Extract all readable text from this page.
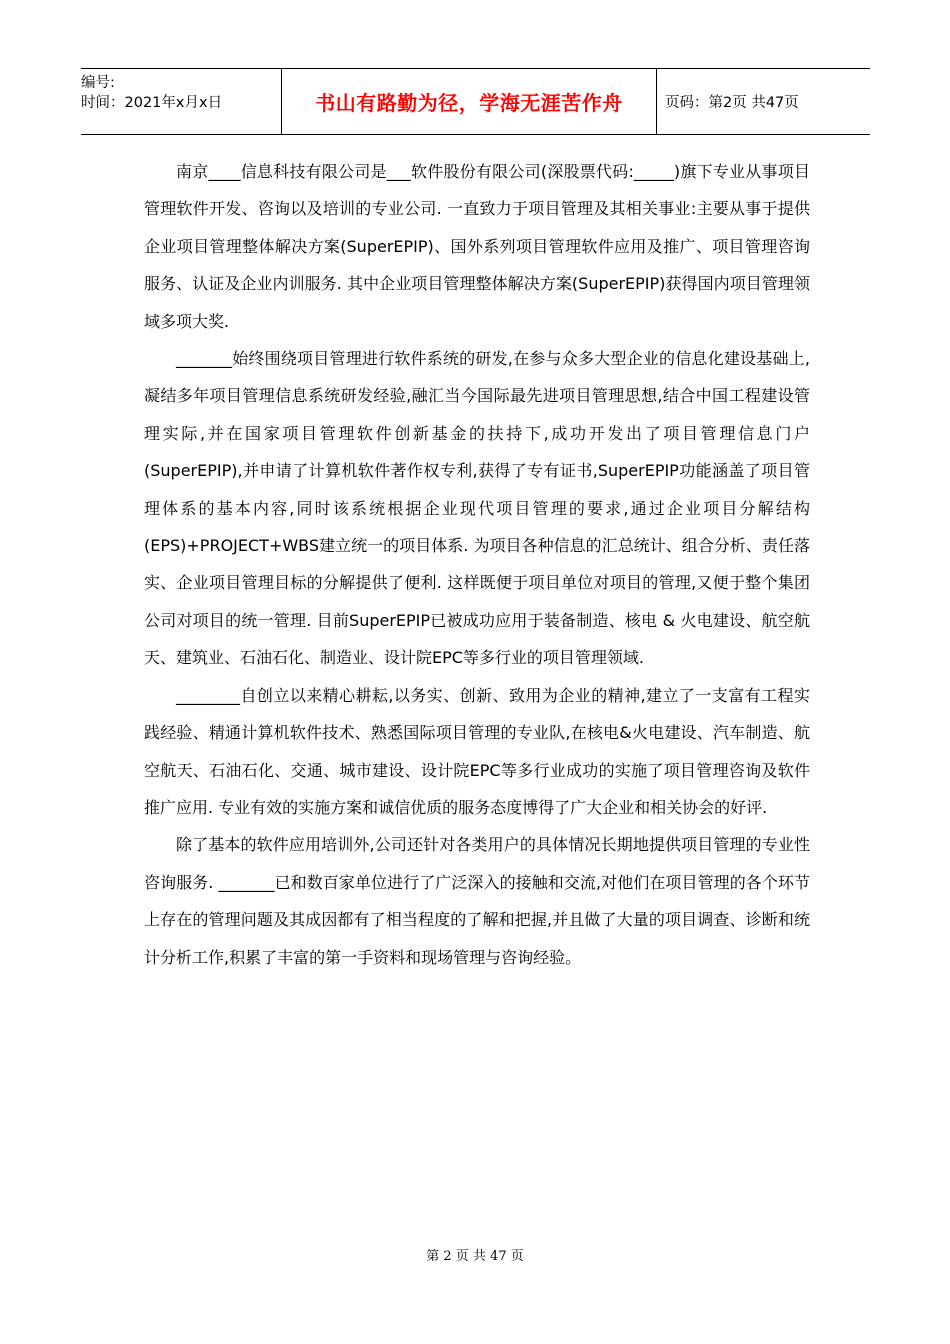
编号:
时间：2021年x月x日	书山有路勤为径，学海无涯苦作舟	页码：第2页 共47页

南京____信息科技有限公司是___软件股份有限公司(深股票代码:_____)旗下专业从事项目管理软件开发、咨询以及培训的专业公司. 一直致力于项目管理及其相关事业:主要从事于提供企业项目管理整体解决方案(SuperEPIP)、国外系列项目管理软件应用及推广、项目管理咨询服务、认证及企业内训服务. 其中企业项目管理整体解决方案(SuperEPIP)获得国内项目管理领域多项大奖.

_______始终围绕项目管理进行软件系统的研发,在参与众多大型企业的信息化建设基础上,凝结多年项目管理信息系统研发经验,融汇当今国际最先进项目管理思想,结合中国工程建设管理实际,并在国家项目管理软件创新基金的扶持下,成功开发出了项目管理信息门户(SuperEPIP),并申请了计算机软件著作权专利,获得了专有证书,SuperEPIP功能涵盖了项目管理体系的基本内容,同时该系统根据企业现代项目管理的要求,通过企业项目分解结构(EPS)+PROJECT+WBS建立统一的项目体系. 为项目各种信息的汇总统计、组合分析、责任落实、企业项目管理目标的分解提供了便利. 这样既便于项目单位对项目的管理,又便于整个集团公司对项目的统一管理. 目前SuperEPIP已被成功应用于装备制造、核电 & 火电建设、航空航天、建筑业、石油石化、制造业、设计院EPC等多行业的项目管理领域.

________自创立以来精心耕耘,以务实、创新、致用为企业的精神,建立了一支富有工程实践经验、精通计算机软件技术、熟悉国际项目管理的专业队,在核电&火电建设、汽车制造、航空航天、石油石化、交通、城市建设、设计院EPC等多行业成功的实施了项目管理咨询及软件推广应用. 专业有效的实施方案和诚信优质的服务态度博得了广大企业和相关协会的好评.

除了基本的软件应用培训外,公司还针对各类用户的具体情况长期地提供项目管理的专业性咨询服务. _______已和数百家单位进行了广泛深入的接触和交流,对他们在项目管理的各个环节上存在的管理问题及其成因都有了相当程度的了解和把握,并且做了大量的项目调查、诊断和统计分析工作,积累了丰富的第一手资料和现场管理与咨询经验。

第 2 页 共 47 页
